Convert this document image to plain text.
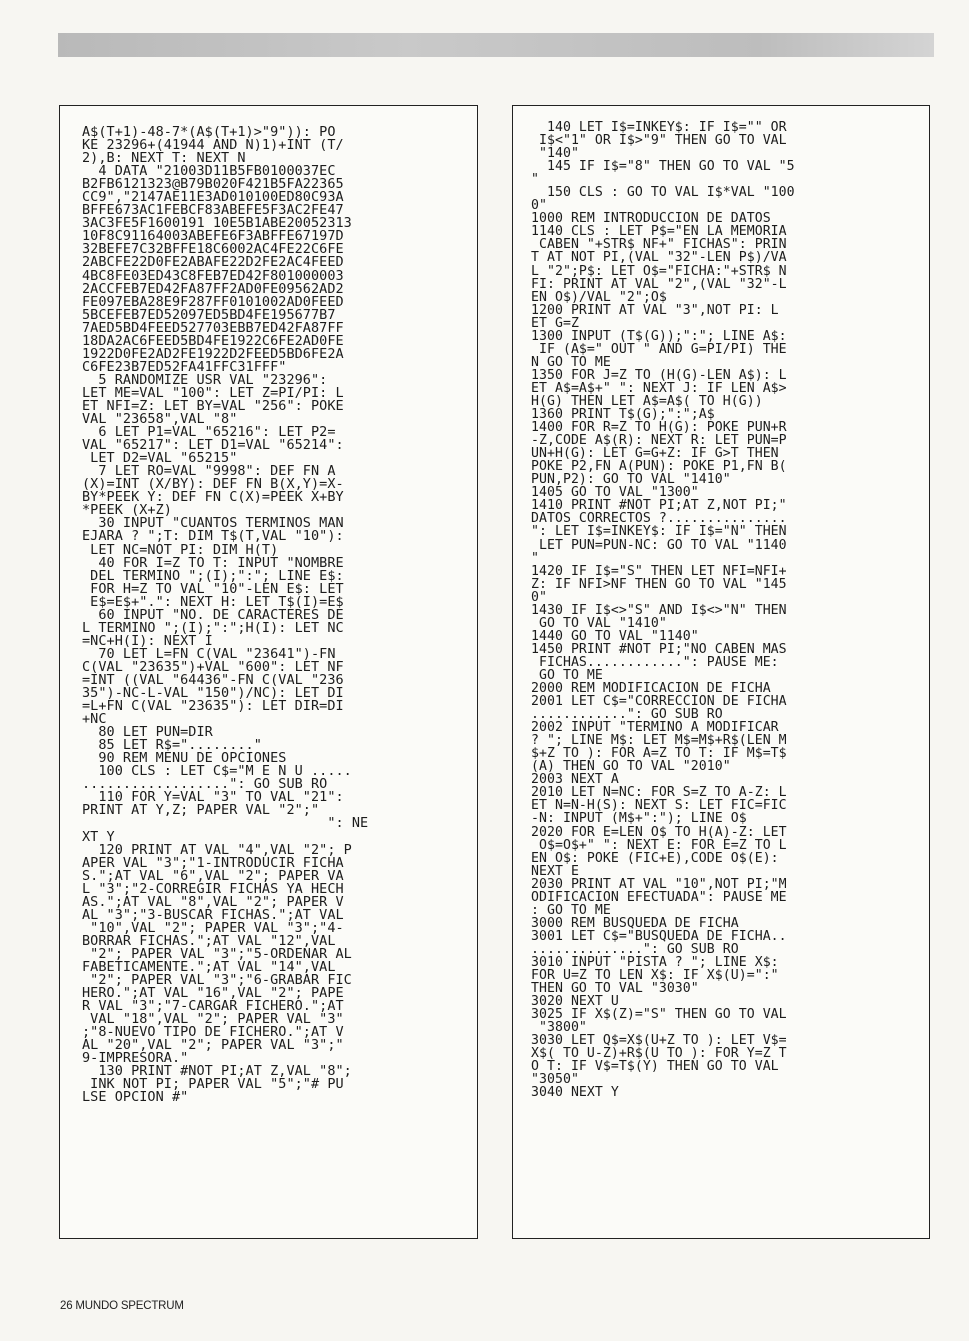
A$(T+1)-48-7*(A$(T+1)>"9")): PO
KE 23296+(41944 AND N)1)+INT (T/
2),B: NEXT T: NEXT N
4 DATA "21003D11B5FB0100037EC
B2FB6121323@B79B020F421B5FA22365
CC9","2147AE11E3AD010100ED80C93A
BFFE673AC1FEBCF83ABEFE5F3AC2FE47
3AC3FE5F1600191 10E5B1ABE20052313
10F8C91164003ABEFE6F3ABFFE67197D
32BEFE7C32BFFE18C6002AC4FE22C6FE
2ABCFE22D0FE2ABAFE22D2FE2AC4FEED
4BC8FE03ED43C8FEB7ED42F801000003
2ACCFEB7ED42FA87FF2AD0FE09562AD2
FE097EBA28E9F287FF0101002AD0FEED
5BCEFEB7ED52097ED5BD4FE195677B7
7AED5BD4FEED527703EBB7ED42FA87FF
18DA2AC6FEED5BD4FE1922C6FE2AD0FE
1922D0FE2AD2FE1922D2FEED5BD6FE2A
C6FE23B7ED52FA41FFC31FFF"
5 RANDOMIZE USR VAL "23296":
LET ME=VAL "100": LET Z=PI/PI: L
ET NFI=Z: LET BY=VAL "256": POKE
VAL "23658",VAL "8"
6 LET P1=VAL "65216": LET P2=
VAL "65217": LET D1=VAL "65214":
LET D2=VAL "65215"
7 LET RO=VAL "9998": DEF FN A
(X)=INT (X/BY): DEF FN B(X,Y)=X-
BY*PEEK Y: DEF FN C(X)=PEEK X+BY
*PEEK (X+Z)
30 INPUT "CUANTOS TERMINOS MAN
EJARA ? ";T: DIM T$(T,VAL "10"):
LET NC=NOT PI: DIM H(T)
40 FOR I=Z TO T: INPUT "NOMBRE
DEL TERMINO ";(I);":"; LINE E$:
FOR H=Z TO VAL "10"-LEN E$: LET
E$=E$+".": NEXT H: LET T$(I)=E$
60 INPUT "NO. DE CARACTERES DE
L TERMINO ";(I);":";H(I): LET NC
=NC+H(I): NEXT I
70 LET L=FN C(VAL "23641")-FN
C(VAL "23635")+VAL "600": LET NF
=INT ((VAL "64436"-FN C(VAL "236
35")-NC-L-VAL "150")/NC): LET DI
=L+FN C(VAL "23635"): LET DIR=DI
+NC
80 LET PUN=DIR
85 LET R$="........"
90 REM MENU DE OPCIONES
100 CLS : LET C$="M E N U .....
..................": GO SUB RO
110 FOR Y=VAL "3" TO VAL "21":
PRINT AT Y,Z; PAPER VAL "2";"
": NE
XT Y
120 PRINT AT VAL "4",VAL "2"; P
APER VAL "3";"1-INTRODUCIR FICHA
S.";AT VAL "6",VAL "2"; PAPER VA
L "3";"2-CORREGIR FICHAS YA HECH
AS.";AT VAL "8",VAL "2"; PAPER V
AL "3";"3-BUSCAR FICHAS.";AT VAL
"10",VAL "2"; PAPER VAL "3";"4-
BORRAR FICHAS.";AT VAL "12",VAL
"2"; PAPER VAL "3";"5-ORDENAR AL
FABETICAMENTE.";AT VAL "14",VAL
"2"; PAPER VAL "3";"6-GRABAR FIC
HERO.";AT VAL "16",VAL "2"; PAPE
R VAL "3";"7-CARGAR FICHERO.";AT
VAL "18",VAL "2"; PAPER VAL "3"
;"8-NUEVO TIPO DE FICHERO.";AT V
AL "20",VAL "2"; PAPER VAL "3";"
9-IMPRESORA."
130 PRINT #NOT PI;AT Z,VAL "8";
INK NOT PI; PAPER VAL "5";"# PU
LSE OPCION #"
140 LET I$=INKEY$: IF I$="" OR
I$<"1" OR I$>"9" THEN GO TO VAL
"140"
145 IF I$="8" THEN GO TO VAL "5
"
150 CLS : GO TO VAL I$*VAL "100
0"
1000 REM INTRODUCCION DE DATOS
1140 CLS : LET P$="EN LA MEMORIA
CABEN "+STR$ NF+" FICHAS": PRIN
T AT NOT PI,(VAL "32"-LEN P$)/VA
L "2";P$: LET O$="FICHA:"+STR$ N
FI: PRINT AT VAL "2",(VAL "32"-L
EN O$)/VAL "2";O$
1200 PRINT AT VAL "3",NOT PI: L
ET G=Z
1300 INPUT (T$(G));":"; LINE A$:
IF (A$=" OUT " AND G=PI/PI) THE
N GO TO ME
1350 FOR J=Z TO (H(G)-LEN A$): L
ET A$=A$+" ": NEXT J: IF LEN A$>
H(G) THEN LET A$=A$( TO H(G))
1360 PRINT T$(G);":";A$
1400 FOR R=Z TO H(G): POKE PUN+R
-Z,CODE A$(R): NEXT R: LET PUN=P
UN+H(G): LET G=G+Z: IF G>T THEN
POKE P2,FN A(PUN): POKE P1,FN B(
PUN,P2): GO TO VAL "1410"
1405 GO TO VAL "1300"
1410 PRINT #NOT PI;AT Z,NOT PI;"
DATOS CORRECTOS ?...............
": LET I$=INKEY$: IF I$="N" THEN
LET PUN=PUN-NC: GO TO VAL "1140
"
1420 IF I$="S" THEN LET NFI=NFI+
Z: IF NFI>NF THEN GO TO VAL "145
0"
1430 IF I$<>"S" AND I$<>"N" THEN
GO TO VAL "1410"
1440 GO TO VAL "1140"
1450 PRINT #NOT PI;"NO CABEN MAS
FICHAS............": PAUSE ME:
GO TO ME
2000 REM MODIFICACION DE FICHA
2001 LET C$="CORRECCION DE FICHA
............": GO SUB RO
2002 INPUT "TERMINO A MODIFICAR
? "; LINE M$: LET M$=M$+R$(LEN M
$+Z TO ): FOR A=Z TO T: IF M$=T$
(A) THEN GO TO VAL "2010"
2003 NEXT A
2010 LET N=NC: FOR S=Z TO A-Z: L
ET N=N-H(S): NEXT S: LET FIC=FIC
-N: INPUT (M$+":"); LINE O$
2020 FOR E=LEN O$ TO H(A)-Z: LET
O$=O$+" ": NEXT E: FOR E=Z TO L
EN O$: POKE (FIC+E),CODE O$(E):
NEXT E
2030 PRINT AT VAL "10",NOT PI;"M
ODIFICACION EFECTUADA": PAUSE ME
: GO TO ME
3000 REM BUSQUEDA DE FICHA
3001 LET C$="BUSQUEDA DE FICHA..
..............": GO SUB RO
3010 INPUT "PISTA ? "; LINE X$:
FOR U=Z TO LEN X$: IF X$(U)=":"
THEN GO TO VAL "3030"
3020 NEXT U
3025 IF X$(Z)="S" THEN GO TO VAL
"3800"
3030 LET Q$=X$(U+Z TO ): LET V$=
X$( TO U-Z)+R$(U TO ): FOR Y=Z T
O T: IF V$=T$(Y) THEN GO TO VAL
"3050"
3040 NEXT Y
26 MUNDO SPECTRUM
